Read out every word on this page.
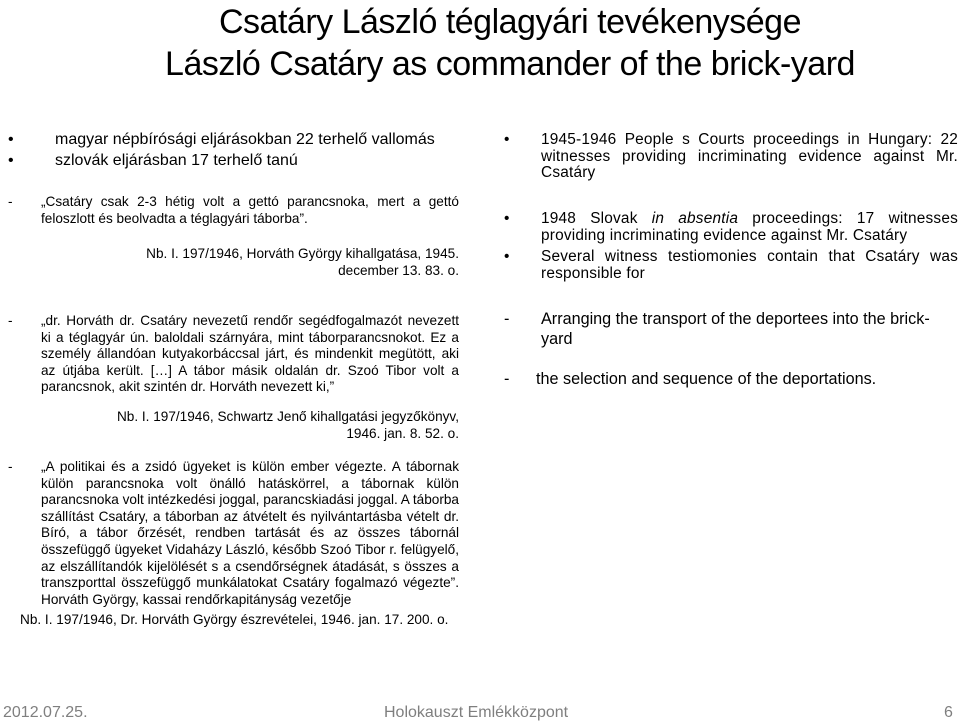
Csatáry László téglagyári tevékenysége
László Csatáry as commander of the brick-yard
•	magyar népbírósági eljárásokban 22 terhelő vallomás
•	szlovák eljárásban 17 terhelő tanú
- „Csatáry csak 2-3 hétig volt a gettó parancsnoka, mert a gettó feloszlott és beolvadta a téglagyári táborba”.
Nb. I. 197/1946, Horváth György kihallgatása, 1945.
december 13. 83. o.
- „dr. Horváth dr. Csatáry nevezetű rendőr segédfogalmazót nevezett ki a téglagyár ún. baloldali szárnyára, mint táborparancsnokot. Ez a személy állandóan kutyakorbáccsal járt, és mindenkit megütött, aki az útjába került. […] A tábor másik oldalán dr. Szoó Tibor volt a parancsnok, akit szintén dr. Horváth nevezett ki,”
Nb. I. 197/1946, Schwartz Jenő kihallgatási jegyzőkönyv,
1946. jan. 8. 52. o.
- „A politikai és a zsidó ügyeket is külön ember végezte. A tábornak külön parancsnoka volt önálló hatáskörrel, a tábornak külön parancsnoka volt intézkedési joggal, parancskiadási joggal. A táborba szállítást Csatáry, a táborban az átvételt és nyilvántartásba vételt dr. Bíró, a tábor őrzését, rendben tartását és az összes tábornál összefüggő ügyeket Vidaházy László, később Szoó Tibor r. felügyelő, az elszállítandók kijelölését s a csendőrségnek átadását, s összes a transzporttal összefüggő munkálatokat Csatáry fogalmazó végezte”. Horváth György, kassai rendőrkapitányság vezetője
Nb. I. 197/1946, Dr. Horváth György észrevételei, 1946. jan. 17. 200. o.
• 1945-1946 People s Courts proceedings in Hungary: 22 witnesses providing incriminating evidence against Mr. Csatáry
• 1948 Slovak in absentia proceedings: 17 witnesses providing incriminating evidence against Mr. Csatáry
• Several witness testiomonies contain that Csatáry was responsible for
- Arranging the transport of the deportees into the brick-yard
- the selection and sequence of the deportations.
2012.07.25.	Holokauszt Emlékközpont	6
